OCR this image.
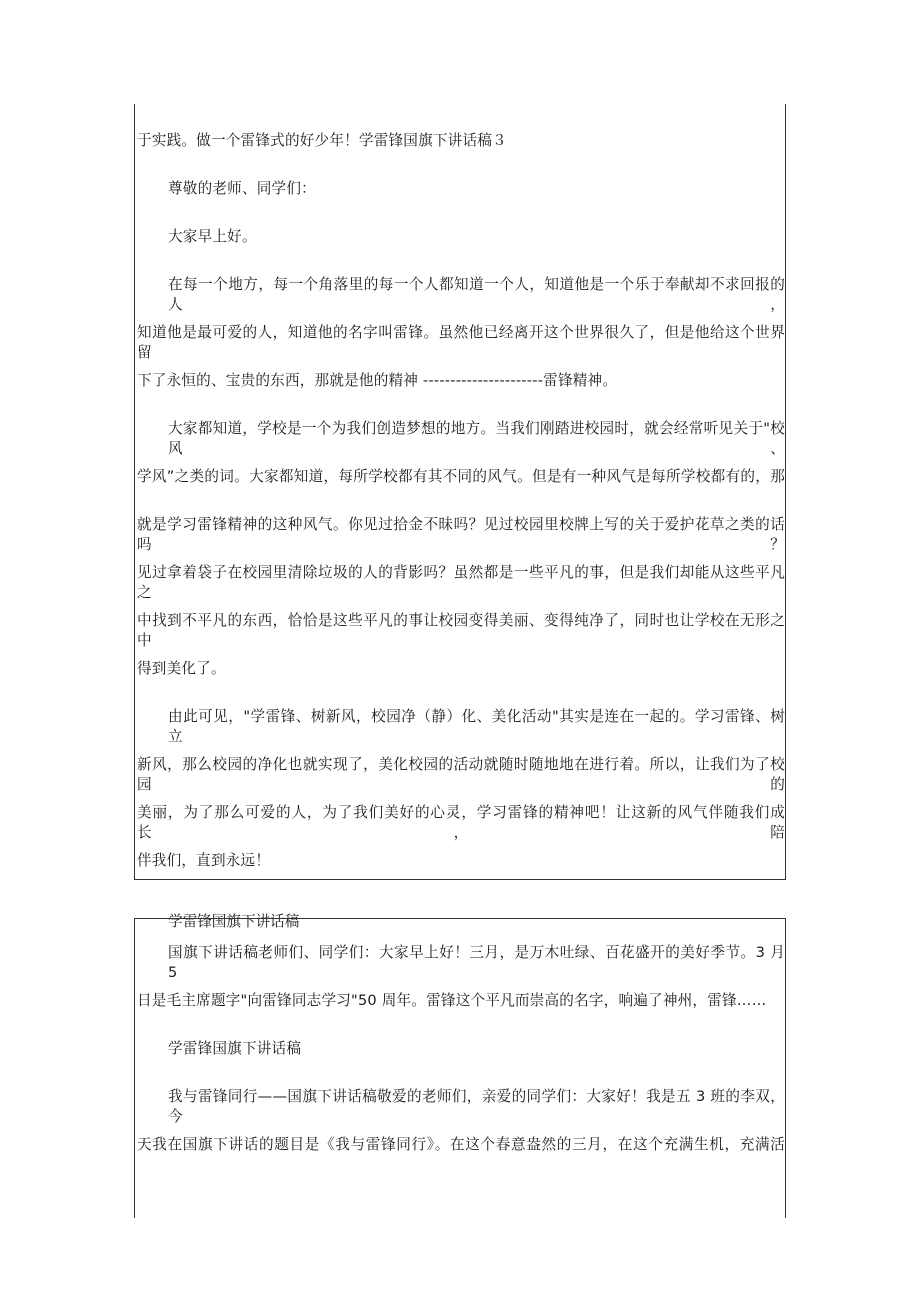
于实践。做一个雷锋式的好少年！学雷锋国旗下讲话稿３

尊敬的老师、同学们：

大家早上好。

在每一个地方，每一个角落里的每一个人都知道一个人，知道他是一个乐于奉献却不求回报的人，

知道他是最可爱的人，知道他的名字叫雷锋。虽然他已经离开这个世界很久了，但是他给这个世界留

下了永恒的、宝贵的东西，那就是他的精神 ----------------------雷锋精神。

大家都知道，学校是一个为我们创造梦想的地方。当我们刚踏进校园时，就会经常听见关于"校风、

学风”之类的词。大家都知道，每所学校都有其不同的风气。但是有一种风气是每所学校都有的，那

就是学习雷锋精神的这种风气。你见过拾金不昧吗？见过校园里校牌上写的关于爱护花草之类的话吗？

见过拿着袋子在校园里清除垃圾的人的背影吗？虽然都是一些平凡的事，但是我们却能从这些平凡之

中找到不平凡的东西，恰恰是这些平凡的事让校园变得美丽、变得纯净了，同时也让学校在无形之中

得到美化了。

由此可见，"学雷锋、树新风，校园净（静）化、美化活动"其实是连在一起的。学习雷锋、树立

新风，那么校园的净化也就实现了，美化校园的活动就随时随地地在进行着。所以，让我们为了校园的

美丽，为了那么可爱的人，为了我们美好的心灵，学习雷锋的精神吧！让这新的风气伴随我们成长，陪

伴我们，直到永远！

学雷锋国旗下讲话稿

国旗下讲话稿老师们、同学们：大家早上好！三月，是万木吐绿、百花盛开的美好季节。3 月 5

日是毛主席题字"向雷锋同志学习"50 周年。雷锋这个平凡而崇高的名字，响遍了神州，雷锋……

学雷锋国旗下讲话稿

我与雷锋同行——国旗下讲话稿敬爱的老师们，亲爱的同学们：大家好！我是五 3 班的李双，今

天我在国旗下讲话的题目是《我与雷锋同行》。在这个春意盎然的三月，在这个充满生机，充满活
